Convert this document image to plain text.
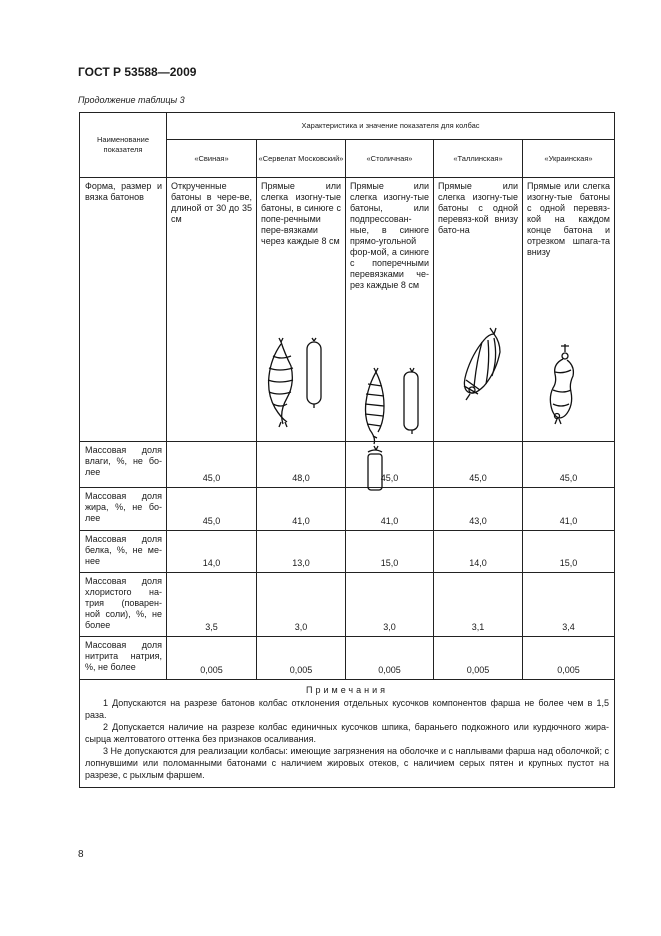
ГОСТ Р 53588—2009
Продолжение таблицы 3
Наименование показателя	Характеристика и значение показателя для колбас				
	«Свиная»	«Сервелат Московский»	«Столичная»	«Таллинская»	«Украинская»
Форма, размер и вязка батонов	Открученные батоны в чере-ве, длиной от 30 до 35 см	Прямые или слегка изогну-тые батоны, в синюге с попе-речными пере-вязками через каждые 8 см	Прямые или слегка изогну-тые батоны, или подпрессован-ные, в синюге прямо-угольной фор-мой, а синюге с поперечными перевязками че-рез каждые 8 см	Прямые или слегка изогну-тые батоны с одной перевяз-кой внизу бато-на	Прямые или слегка изогну-тые батоны с одной перевяз-кой на каждом конце батона и отрезком шпага-та внизу

Массовая доля влаги, %, не бо-лее	45,0	48,0	45,0	45,0	45,0
Массовая доля жира, %, не бо-лее	45,0	41,0	41,0	43,0	41,0
Массовая доля белка, %, не ме-нее	14,0	13,0	15,0	14,0	15,0
Массовая доля хлористого на-трия (поварен-ной соли), %, не более	3,5	3,0	3,0	3,1	3,4
Массовая доля нитрита натрия, %, не более	0,005	0,005	0,005	0,005	0,005

Примечания
1 Допускаются на разрезе батонов колбас отклонения отдельных кусочков компонентов фарша не более чем в 1,5 раза.
2 Допускается наличие на разрезе колбас единичных кусочков шпика, бараньего подкожного или курдючного жира-сырца желтоватого оттенка без признаков осаливания.
3 Не допускаются для реализации колбасы: имеющие загрязнения на оболочке и с наплывами фарша над оболочкой; с лопнувшими или поломанными батонами с наличием жировых отеков, с наличием серых пятен и крупных пустот на разрезе, с рыхлым фаршем.					
8
